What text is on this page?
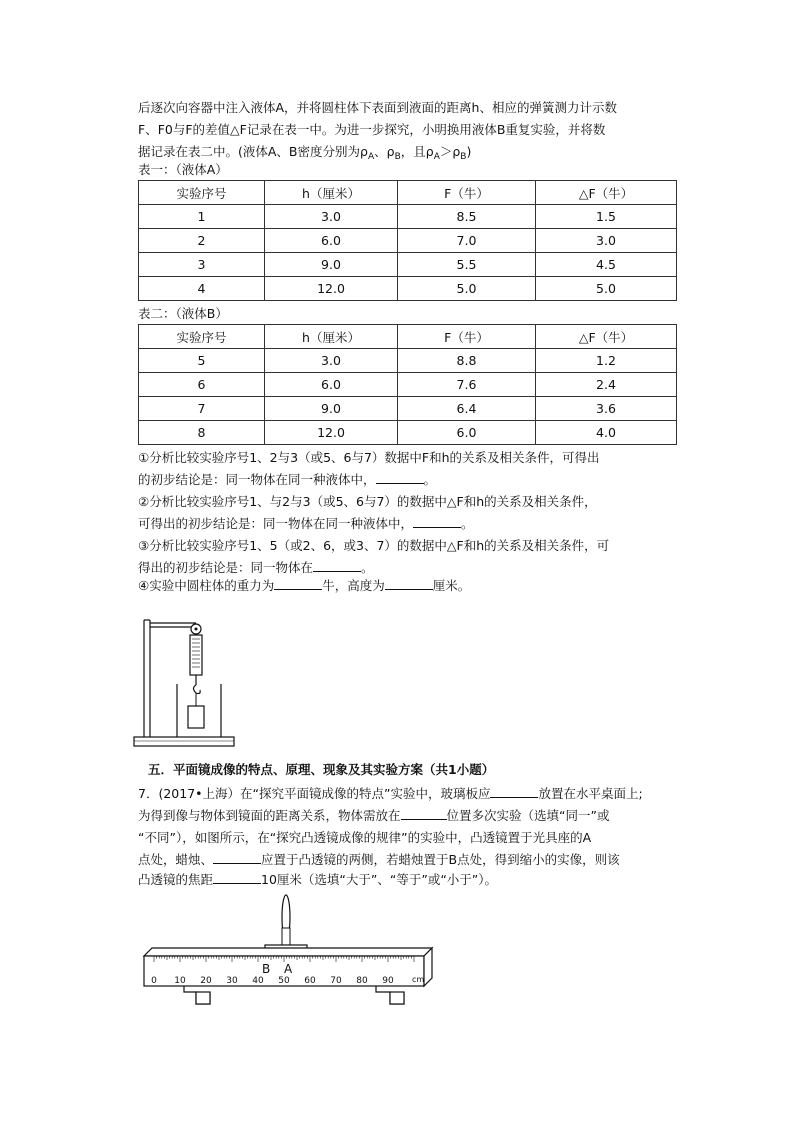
后逐次向容器中注入液体A，并将圆柱体下表面到液面的距离h、相应的弹簧测力计示数
F、F0与F的差值△F记录在表一中。为进一步探究，小明换用液体B重复实验，并将数
据记录在表二中。(液体A、B密度分别为$\rho_A$、$\rho_B$，且$\rho_A>\rho_B$)
表一：（液体A）
实验序号	h（厘米）	F（牛）	△F（牛）
1	3.0	8.5	1.5
2	6.0	7.0	3.0
3	9.0	5.5	4.5
4	12.0	5.0	5.0
表二：（液体B）
实验序号	h（厘米）	F（牛）	△F（牛）
5	3.0	8.8	1.2
6	6.0	7.6	2.4
7	9.0	6.4	3.6
8	12.0	6.0	4.0
①分析比较实验序号1、2与3（或5、6与7）数据中F和h的关系及相关条件，可得出
的初步结论是：同一物体在同一种液体中，	。
②分析比较实验序号1、与2与3（或5、6与7）的数据中△F和h的关系及相关条件，
可得出的初步结论是：同一物体在同一种液体中，	。
③分析比较实验序号1、5（或2、6，或3、7）的数据中△F和h的关系及相关条件，可
得出的初步结论是：同一物体在	。
④实验中圆柱体的重力为	牛，高度为	厘米。
五．平面镜成像的特点、原理、现象及其实验方案（共1小题）
7．(2017•上海）在“探究平面镜成像的特点”实验中，玻璃板应	放置在水平桌面上;
为得到像与物体到镜面的距离关系，物体需放在	位置多次实验（选填“同一”或
“不同”），如图所示，在“探究凸透镜成像的规律”的实验中，凸透镜置于光具座的A
点处，蜡烛、	应置于凸透镜的两侧，若蜡烛置于B点处，得到缩小的实像，则该
凸透镜的焦距	10厘米（选填“大于”、“等于”或“小于”）。
0 10 20 30 40 50 60 70 80 90
B A
cm
